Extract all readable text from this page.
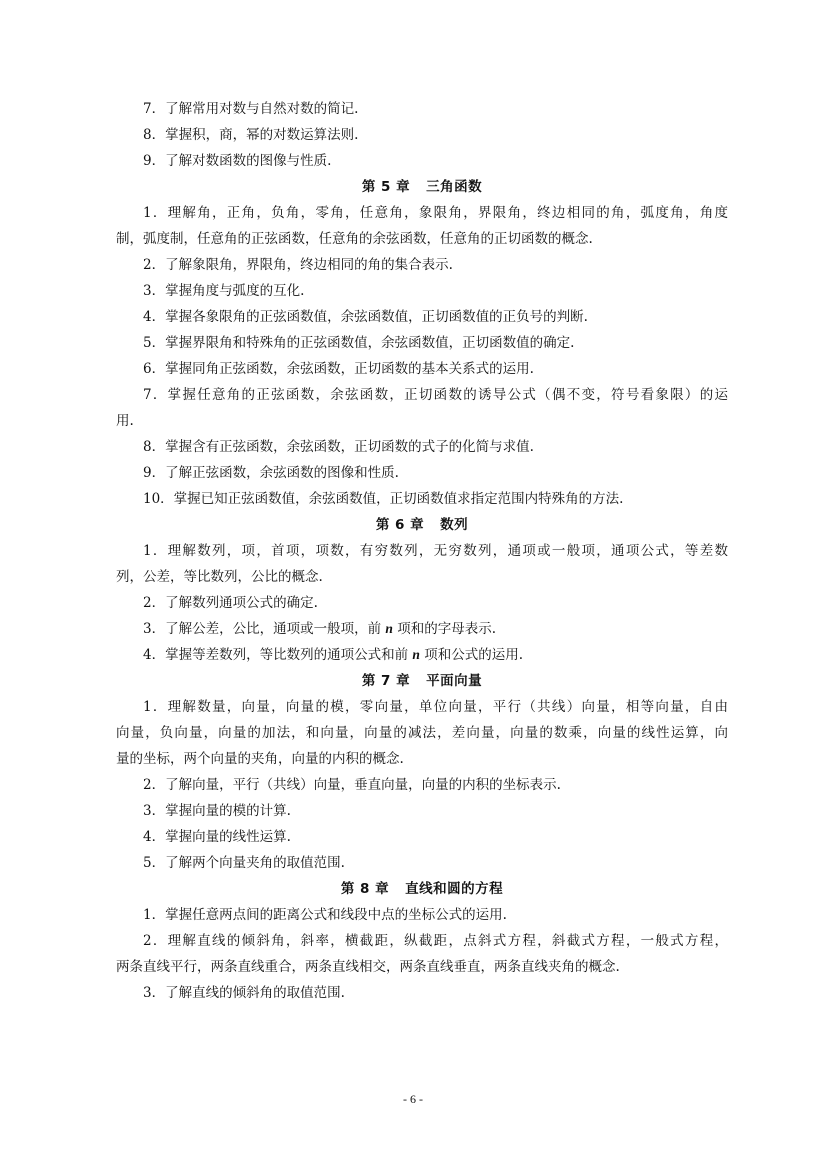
7．了解常用对数与自然对数的简记.
8．掌握积，商，幂的对数运算法则.
9．了解对数函数的图像与性质.
第 5 章 三角函数
1．理解角，正角，负角，零角，任意角，象限角，界限角，终边相同的角，弧度角，角度
制，弧度制，任意角的正弦函数，任意角的余弦函数，任意角的正切函数的概念.
2．了解象限角，界限角，终边相同的角的集合表示.
3．掌握角度与弧度的互化.
4．掌握各象限角的正弦函数值，余弦函数值，正切函数值的正负号的判断.
5．掌握界限角和特殊角的正弦函数值，余弦函数值，正切函数值的确定.
6．掌握同角正弦函数，余弦函数，正切函数的基本关系式的运用.
7．掌握任意角的正弦函数，余弦函数，正切函数的诱导公式（偶不变，符号看象限）的运
用.
8．掌握含有正弦函数，余弦函数，正切函数的式子的化简与求值.
9．了解正弦函数，余弦函数的图像和性质.
10．掌握已知正弦函数值，余弦函数值，正切函数值求指定范围内特殊角的方法.
第 6 章 数列
1．理解数列，项，首项，项数，有穷数列，无穷数列，通项或一般项，通项公式，等差数
列，公差，等比数列，公比的概念.
2．了解数列通项公式的确定.
3．了解公差，公比，通项或一般项，前 n 项和的字母表示.
4．掌握等差数列，等比数列的通项公式和前 n 项和公式的运用.
第 7 章 平面向量
1．理解数量，向量，向量的模，零向量，单位向量，平行（共线）向量，相等向量，自由
向量，负向量，向量的加法，和向量，向量的减法，差向量，向量的数乘，向量的线性运算，向
量的坐标，两个向量的夹角，向量的内积的概念.
2．了解向量，平行（共线）向量，垂直向量，向量的内积的坐标表示.
3．掌握向量的模的计算.
4．掌握向量的线性运算.
5．了解两个向量夹角的取值范围.
第 8 章 直线和圆的方程
1．掌握任意两点间的距离公式和线段中点的坐标公式的运用.
2．理解直线的倾斜角，斜率，横截距，纵截距，点斜式方程，斜截式方程，一般式方程，
两条直线平行，两条直线重合，两条直线相交，两条直线垂直，两条直线夹角的概念.
3．了解直线的倾斜角的取值范围.
- 6 -
